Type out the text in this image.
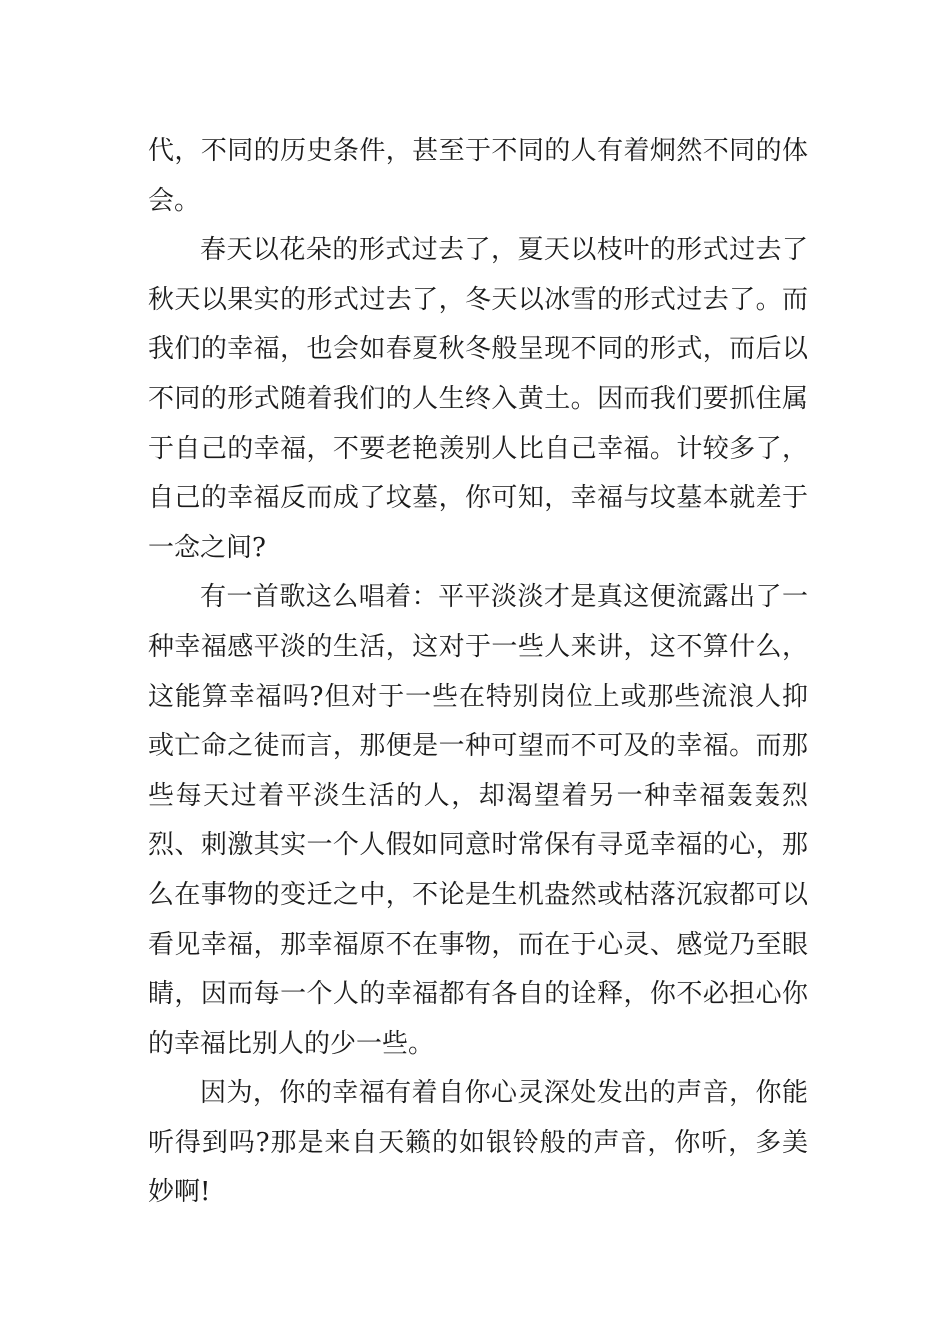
代，不同的历史条件，甚至于不同的人有着炯然不同的体会。

春天以花朵的形式过去了，夏天以枝叶的形式过去了秋天以果实的形式过去了，冬天以冰雪的形式过去了。而我们的幸福，也会如春夏秋冬般呈现不同的形式，而后以不同的形式随着我们的人生终入黄土。因而我们要抓住属于自己的幸福，不要老艳羡别人比自己幸福。计较多了，自己的幸福反而成了坟墓，你可知，幸福与坟墓本就差于一念之间?

有一首歌这么唱着：平平淡淡才是真这便流露出了一种幸福感平淡的生活，这对于一些人来讲，这不算什么，这能算幸福吗?但对于一些在特别岗位上或那些流浪人抑或亡命之徒而言，那便是一种可望而不可及的幸福。而那些每天过着平淡生活的人，却渴望着另一种幸福轰轰烈烈、刺激其实一个人假如同意时常保有寻觅幸福的心，那么在事物的变迁之中，不论是生机盎然或枯落沉寂都可以看见幸福，那幸福原不在事物，而在于心灵、感觉乃至眼睛，因而每一个人的幸福都有各自的诠释，你不必担心你的幸福比别人的少一些。

因为，你的幸福有着自你心灵深处发出的声音，你能听得到吗?那是来自天籁的如银铃般的声音，你听，多美妙啊!
